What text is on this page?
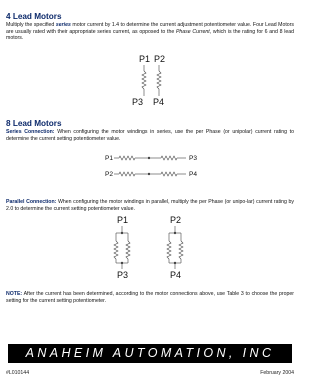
4 Lead Motors
Multiply the specified series motor current by 1.4 to determine the current adjustment potentiometer value. Four Lead Motors are usually rated with their appropriate series current, as opposed to the Phase Current, which is the rating for 6 and 8 lead motors.
P1 P2
P3 P4
8 Lead Motors
Series Connection: When configuring the motor windings in series, use the per Phase (or unipolar) current rating to determine the current setting potentiometer value.
P1	P3
P2	P4
Parallel Connection: When configuring the motor windings in parallel, multiply the per Phase (or unipo-lar) current rating by 2.0 to determine the current setting potentiometer value.
P1	P2
P3	P4
NOTE: After the current has been determined, according to the motor connections above, use Table 3 to choose the proper setting for the current setting potentiometer.
ANAHEIM AUTOMATION, INC
#L010144	February 2004
